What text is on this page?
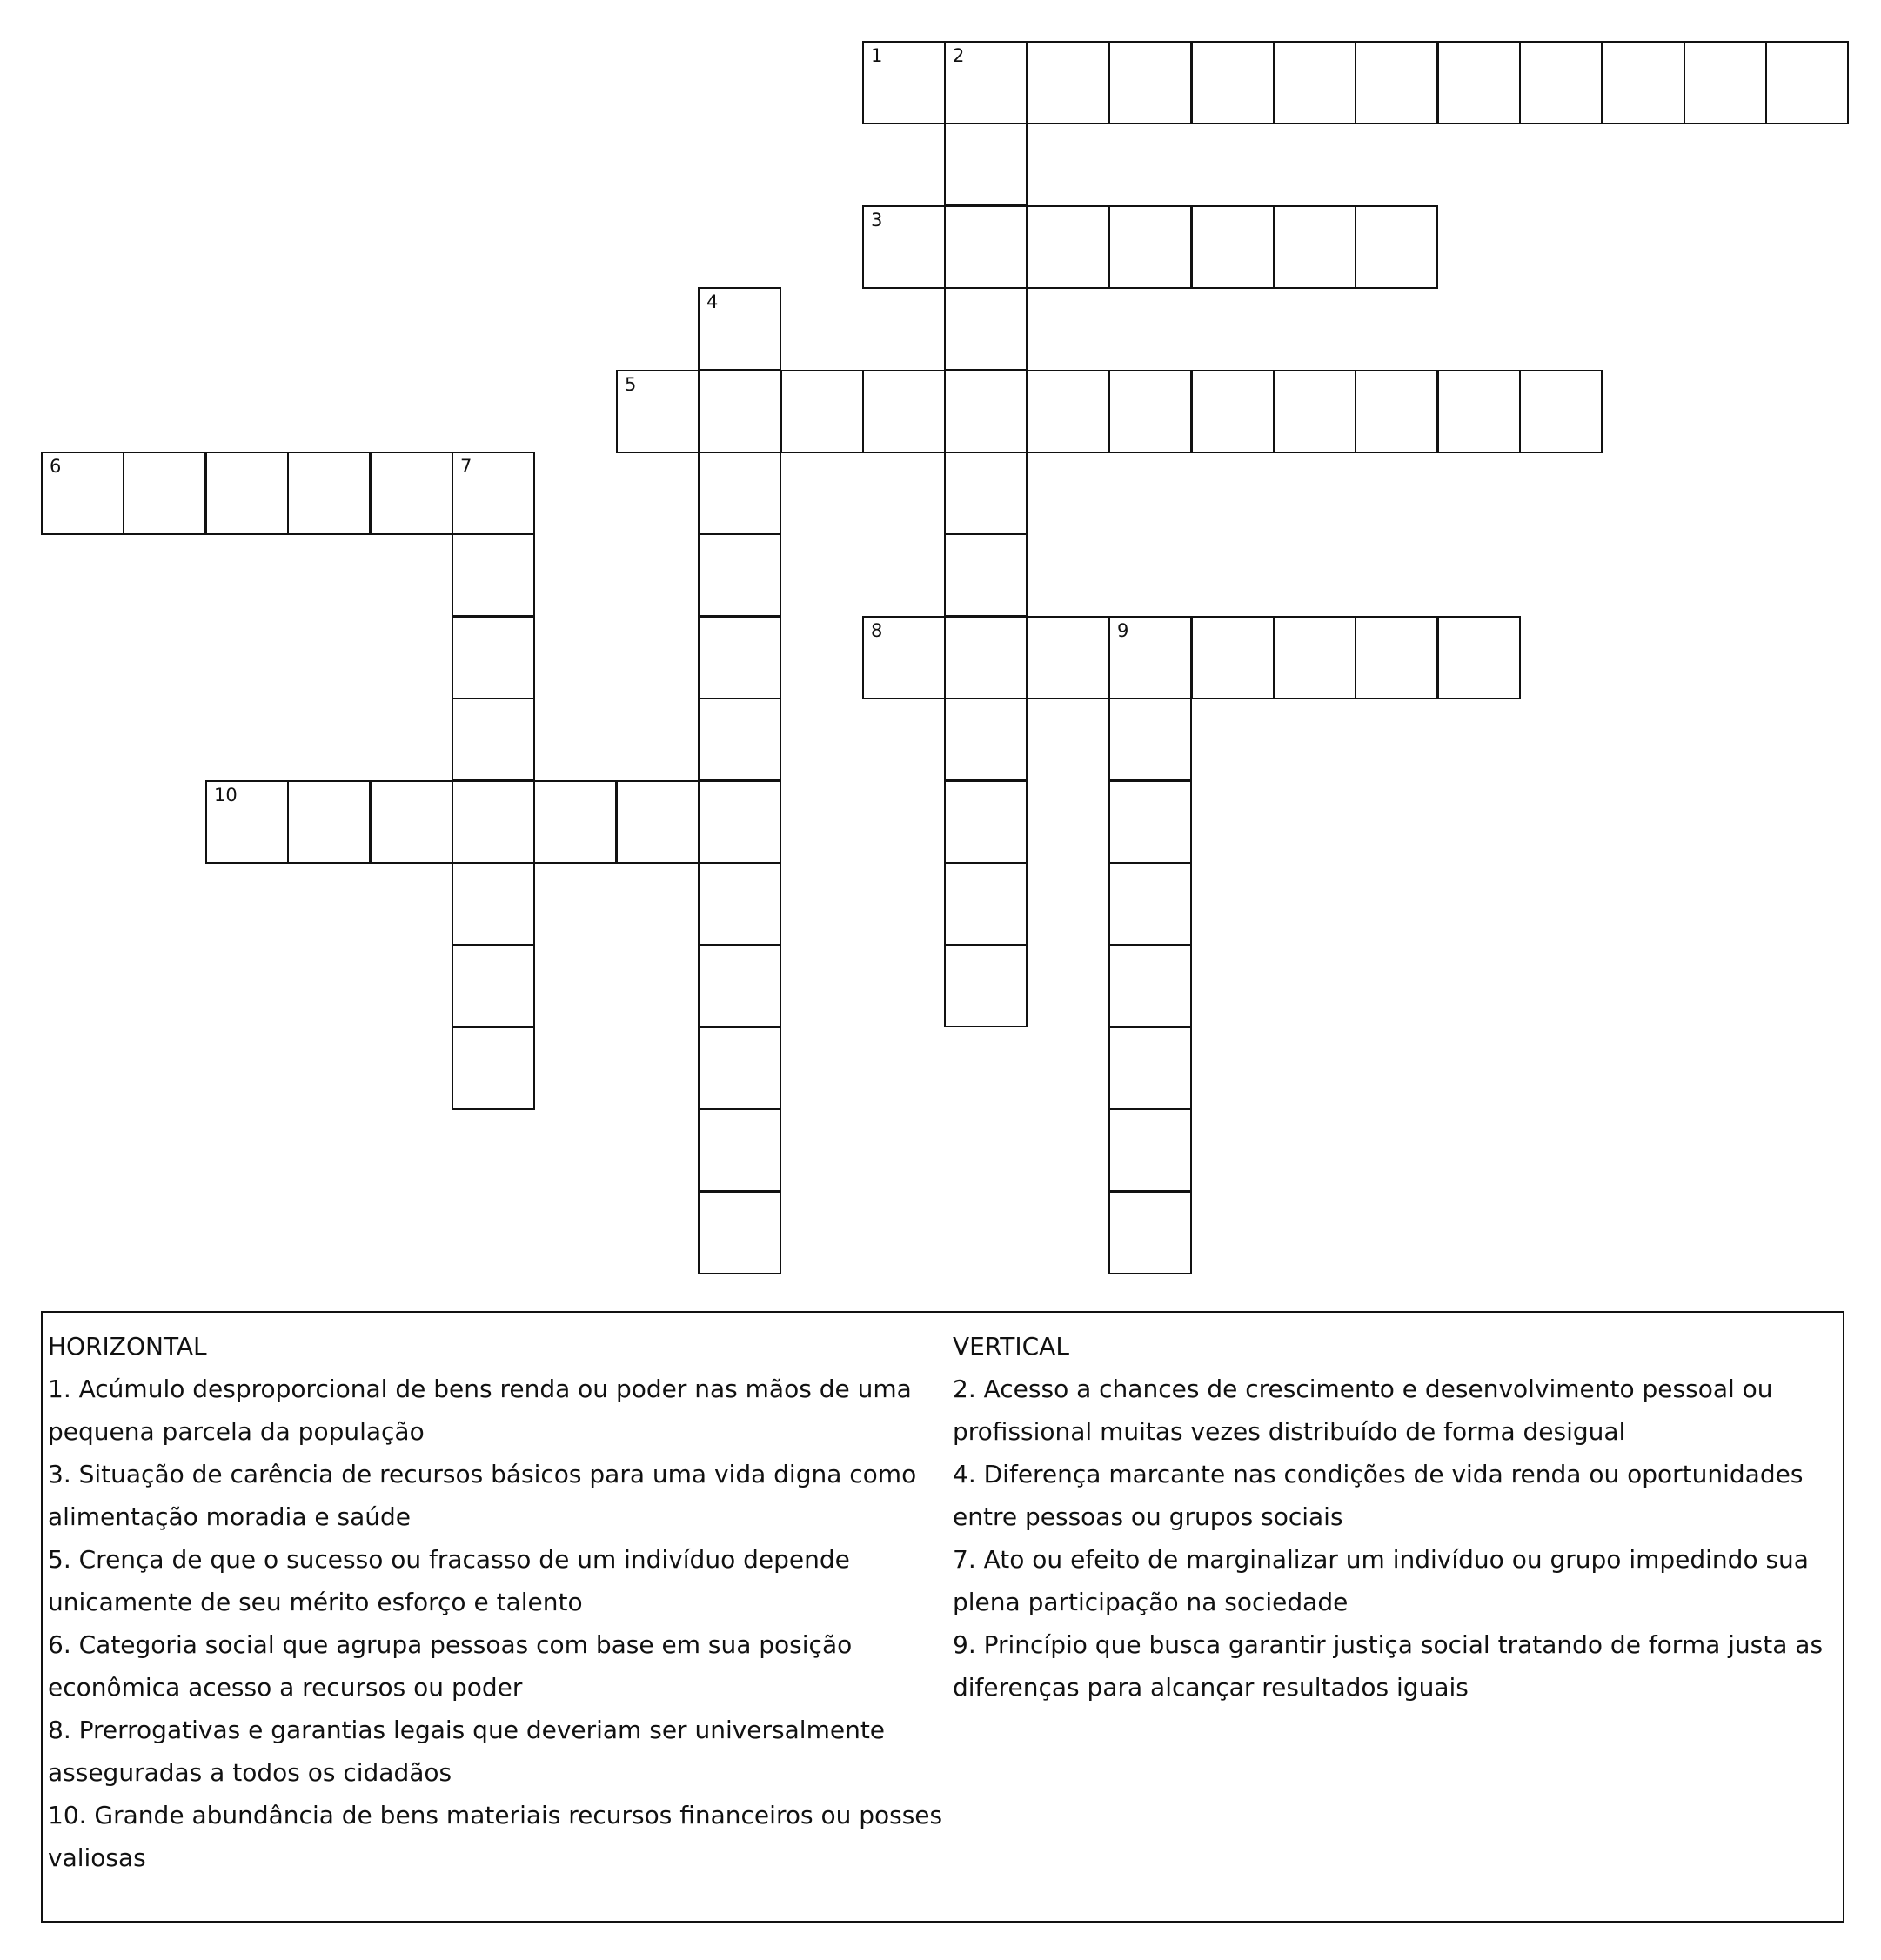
1	2
3
4
5
6	7
8	9
10
HORIZONTAL
1. Acúmulo desproporcional de bens renda ou poder nas mãos de uma pequena parcela da população
3. Situação de carência de recursos básicos para uma vida digna como alimentação moradia e saúde
5. Crença de que o sucesso ou fracasso de um indivíduo depende unicamente de seu mérito esforço e talento
6. Categoria social que agrupa pessoas com base em sua posição econômica acesso a recursos ou poder
8. Prerrogativas e garantias legais que deveriam ser universalmente asseguradas a todos os cidadãos
10. Grande abundância de bens materiais recursos financeiros ou posses valiosas
VERTICAL
2. Acesso a chances de crescimento e desenvolvimento pessoal ou profissional muitas vezes distribuído de forma desigual
4. Diferença marcante nas condições de vida renda ou oportunidades entre pessoas ou grupos sociais
7. Ato ou efeito de marginalizar um indivíduo ou grupo impedindo sua plena participação na sociedade
9. Princípio que busca garantir justiça social tratando de forma justa as diferenças para alcançar resultados iguais
